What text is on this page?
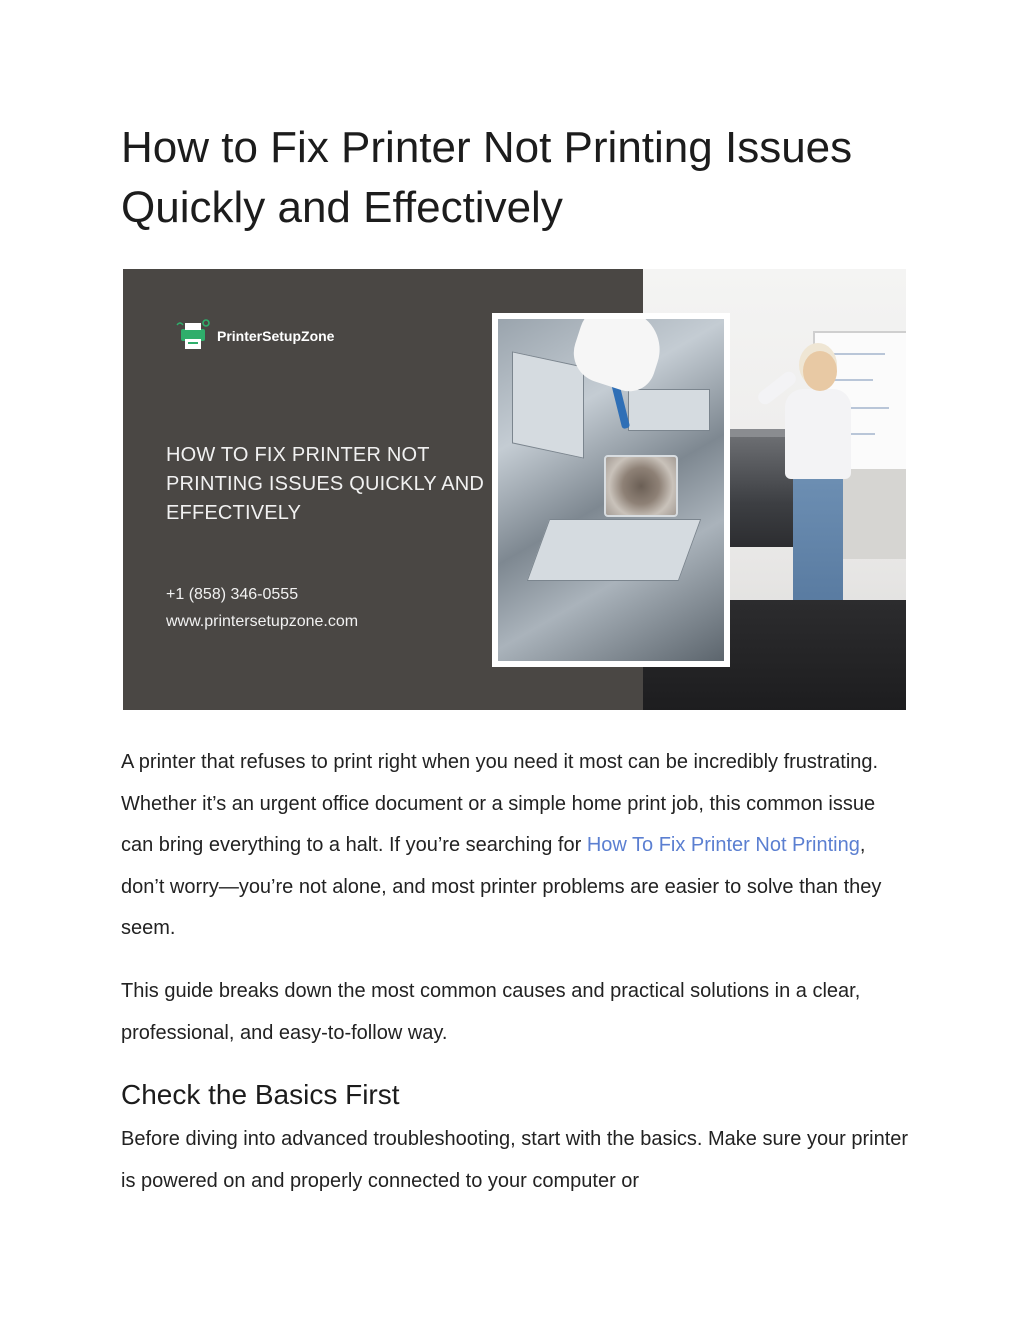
How to Fix Printer Not Printing Issues Quickly and Effectively
PrinterSetupZone
HOW TO FIX PRINTER NOT PRINTING ISSUES QUICKLY AND EFFECTIVELY
+1 (858) 346-0555
www.printersetupzone.com

A printer that refuses to print right when you need it most can be incredibly frustrating. Whether it’s an urgent office document or a simple home print job, this common issue can bring everything to a halt. If you’re searching for How To Fix Printer Not Printing, don’t worry—you’re not alone, and most printer problems are easier to solve than they seem.

This guide breaks down the most common causes and practical solutions in a clear, professional, and easy-to-follow way.

Check the Basics First

Before diving into advanced troubleshooting, start with the basics. Make sure your printer is powered on and properly connected to your computer or
